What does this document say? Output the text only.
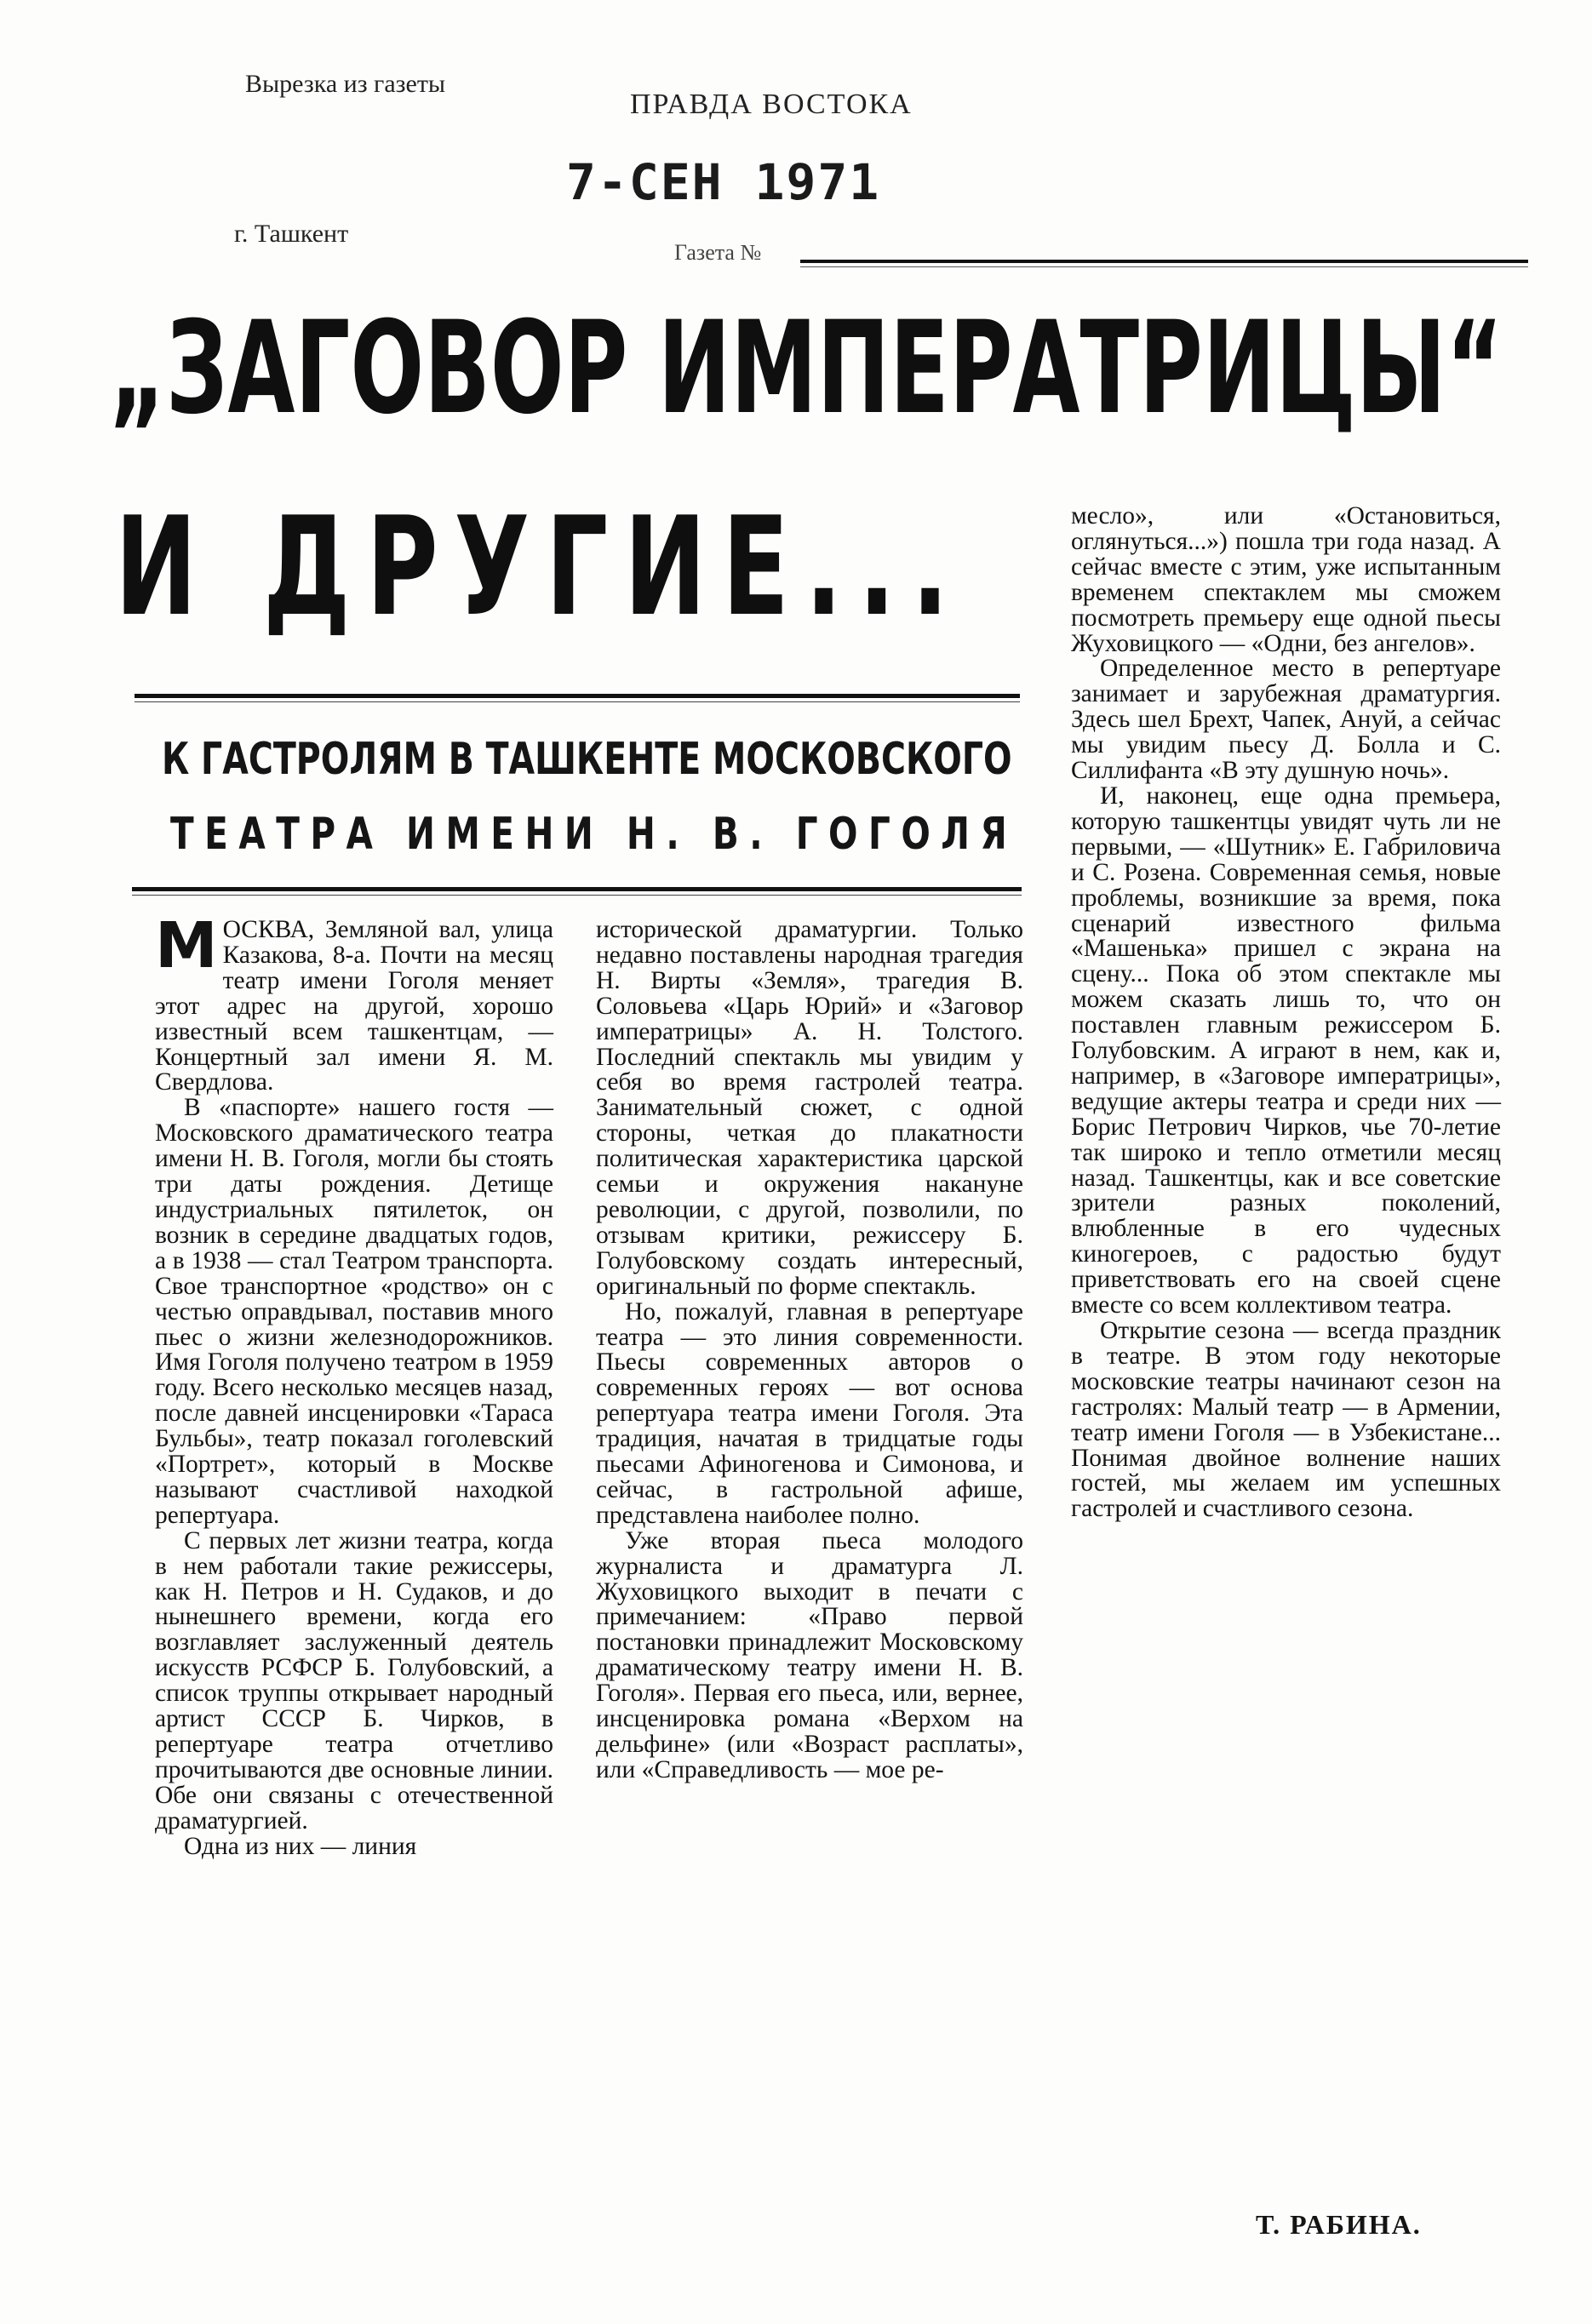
Вырезка из газеты
ПРАВДА ВОСТОКА
7-СЕН 1971
г. Ташкент
Газета №
„ЗАГОВОР ИМПЕРАТРИЦЫ“
И ДРУГИЕ...
К ГАСТРОЛЯМ В ТАШКЕНТЕ МОСКОВСКОГО
ТЕАТРА ИМЕНИ Н. В. ГОГОЛЯ

МОСКВА, Земляной вал, улица Казакова, 8-а. Почти на месяц театр имени Гоголя меняет этот адрес на другой, хорошо известный всем ташкентцам, — Концертный зал имени Я. М. Свердлова.

В «паспорте» нашего гостя — Московского драматического театра имени Н. В. Гоголя, могли бы стоять три даты рождения. Детище индустриальных пятилеток, он возник в середине двадцатых годов, а в 1938 — стал Театром транспорта. Свое транспортное «родство» он с честью оправдывал, поставив много пьес о жизни железнодорожников. Имя Гоголя получено театром в 1959 году. Всего несколько месяцев назад, после давней инсценировки «Тараса Бульбы», театр показал гоголевский «Портрет», который в Москве называют счастливой находкой репертуара.

С первых лет жизни театра, когда в нем работали такие режиссеры, как Н. Петров и Н. Судаков, и до нынешнего времени, когда его возглавляет заслуженный деятель искусств РСФСР Б. Голубовский, а список труппы открывает народный артист СССР Б. Чирков, в репертуаре театра отчетливо прочитываются две основные линии. Обе они связаны с отечественной драматургией.

Одна из них — линия

исторической драматургии. Только недавно поставлены народная трагедия Н. Вирты «Земля», трагедия В. Соловьева «Царь Юрий» и «Заговор императрицы» А. Н. Толстого. Последний спектакль мы увидим у себя во время гастролей театра. Занимательный сюжет, с одной стороны, четкая до плакатности политическая характеристика царской семьи и окружения накануне революции, с другой, позволили, по отзывам критики, режиссеру Б. Голубовскому создать интересный, оригинальный по форме спектакль.

Но, пожалуй, главная в репертуаре театра — это линия современности. Пьесы современных авторов о современных героях — вот основа репертуара театра имени Гоголя. Эта традиция, начатая в тридцатые годы пьесами Афиногенова и Симонова, и сейчас, в гастрольной афише, представлена наиболее полно.

Уже вторая пьеса молодого журналиста и драматурга Л. Жуховицкого выходит в печати с примечанием: «Право первой постановки принадлежит Московскому драматическому театру имени Н. В. Гоголя». Первая его пьеса, или, вернее, инсценировка романа «Верхом на дельфине» (или «Возраст расплаты», или «Справедливость — мое ре-

месло», или «Остановиться, оглянуться...») пошла три года назад. А сейчас вместе с этим, уже испытанным временем спектаклем мы сможем посмотреть премьеру еще одной пьесы Жуховицкого — «Одни, без ангелов».

Определенное место в репертуаре занимает и зарубежная драматургия. Здесь шел Брехт, Чапек, Ануй, а сейчас мы увидим пьесу Д. Болла и С. Силлифанта «В эту душную ночь».

И, наконец, еще одна премьера, которую ташкентцы увидят чуть ли не первыми, — «Шутник» Е. Габриловича и С. Розена. Современная семья, новые проблемы, возникшие за время, пока сценарий известного фильма «Машенька» пришел с экрана на сцену... Пока об этом спектакле мы можем сказать лишь то, что он поставлен главным режиссером Б. Голубовским. А играют в нем, как и, например, в «Заговоре императрицы», ведущие актеры театра и среди них — Борис Петрович Чирков, чье 70-летие так широко и тепло отметили месяц назад. Ташкентцы, как и все советские зрители разных поколений, влюбленные в его чудесных киногероев, с радостью будут приветствовать его на своей сцене вместе со всем коллективом театра.

Открытие сезона — всегда праздник в театре. В этом году некоторые московские театры начинают сезон на гастролях: Малый театр — в Армении, театр имени Гоголя — в Узбекистане... Понимая двойное волнение наших гостей, мы желаем им успешных гастролей и счастливого сезона.

Т. РАБИНА.
